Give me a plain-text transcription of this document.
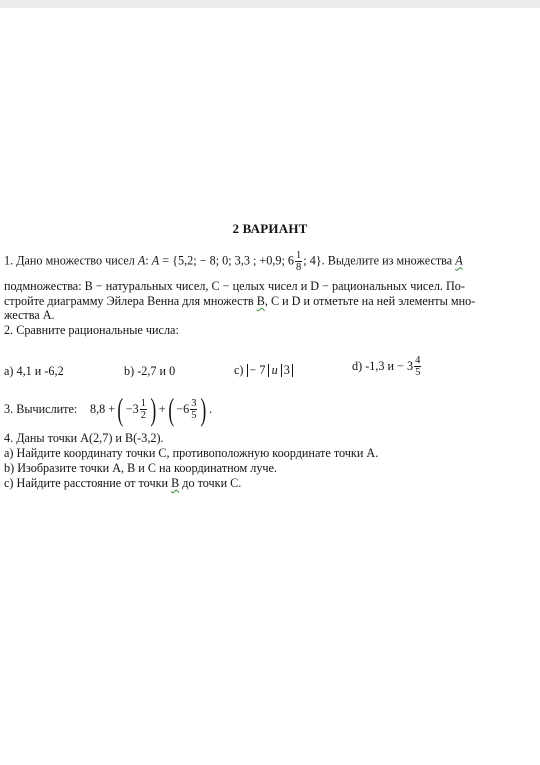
2 ВАРИАНТ
1. Дано множество чисел A: A = {5,2; − 8; 0; 3,3 ; +0,9; $6 \frac{1}{8}$ ; 4}. Выделите из множества A
подмножества: B − натуральных чисел, C − целых чисел и D − рациональных чисел. По-
стройте диаграмму Эйлера Венна для множеств B, C и D и отметьте на ней элементы мно-
жества A.
2. Сравните рациональные числа:
a) 4,1 и -6,2	b) -2,7 и 0	c) − 7 и 3	d) -1,3 $и - 3 \frac{4}{5}$
3. Вычислите: 8,8 + ( $-3 \frac{1}{2}$ ) + ( $-6 \frac{3}{5}$ ) .
4. Даны точки A(2,7) и B(-3,2).
a) Найдите координату точки C, противоположную координате точки A.
b) Изобразите точки A, B и C на координатном луче.
c) Найдите расстояние от точки B до точки C.
